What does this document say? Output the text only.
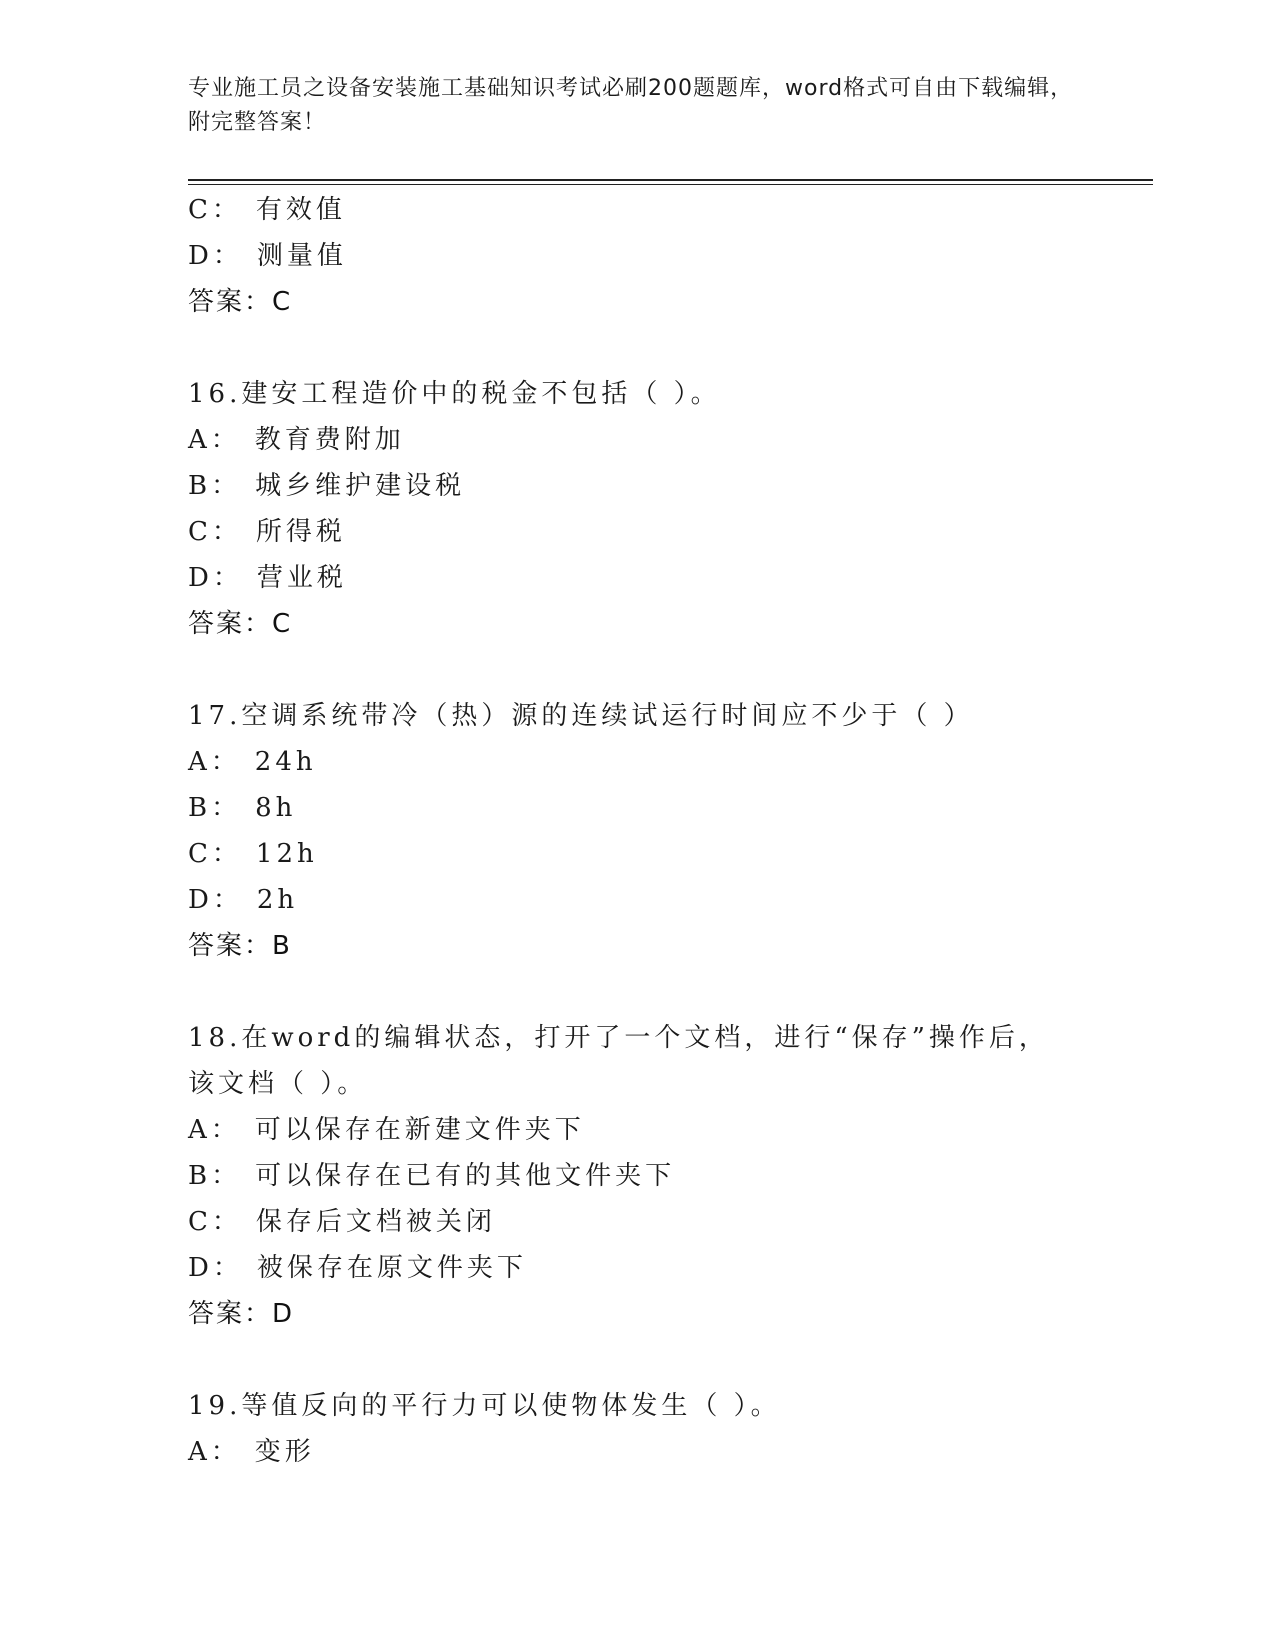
专业施工员之设备安装施工基础知识考试必刷200题题库，word格式可自由下载编辑，附完整答案！
C： 有效值
D： 测量值
答案：C
16.建安工程造价中的税金不包括（ ）。
A： 教育费附加
B： 城乡维护建设税
C： 所得税
D： 营业税
答案：C
17.空调系统带冷（热）源的连续试运行时间应不少于（ ）
A： 24h
B： 8h
C： 12h
D： 2h
答案：B
18.在word的编辑状态，打开了一个文档，进行“保存”操作后，该文档（ ）。
A： 可以保存在新建文件夹下
B： 可以保存在已有的其他文件夹下
C： 保存后文档被关闭
D： 被保存在原文件夹下
答案：D
19.等值反向的平行力可以使物体发生（ ）。
A： 变形
